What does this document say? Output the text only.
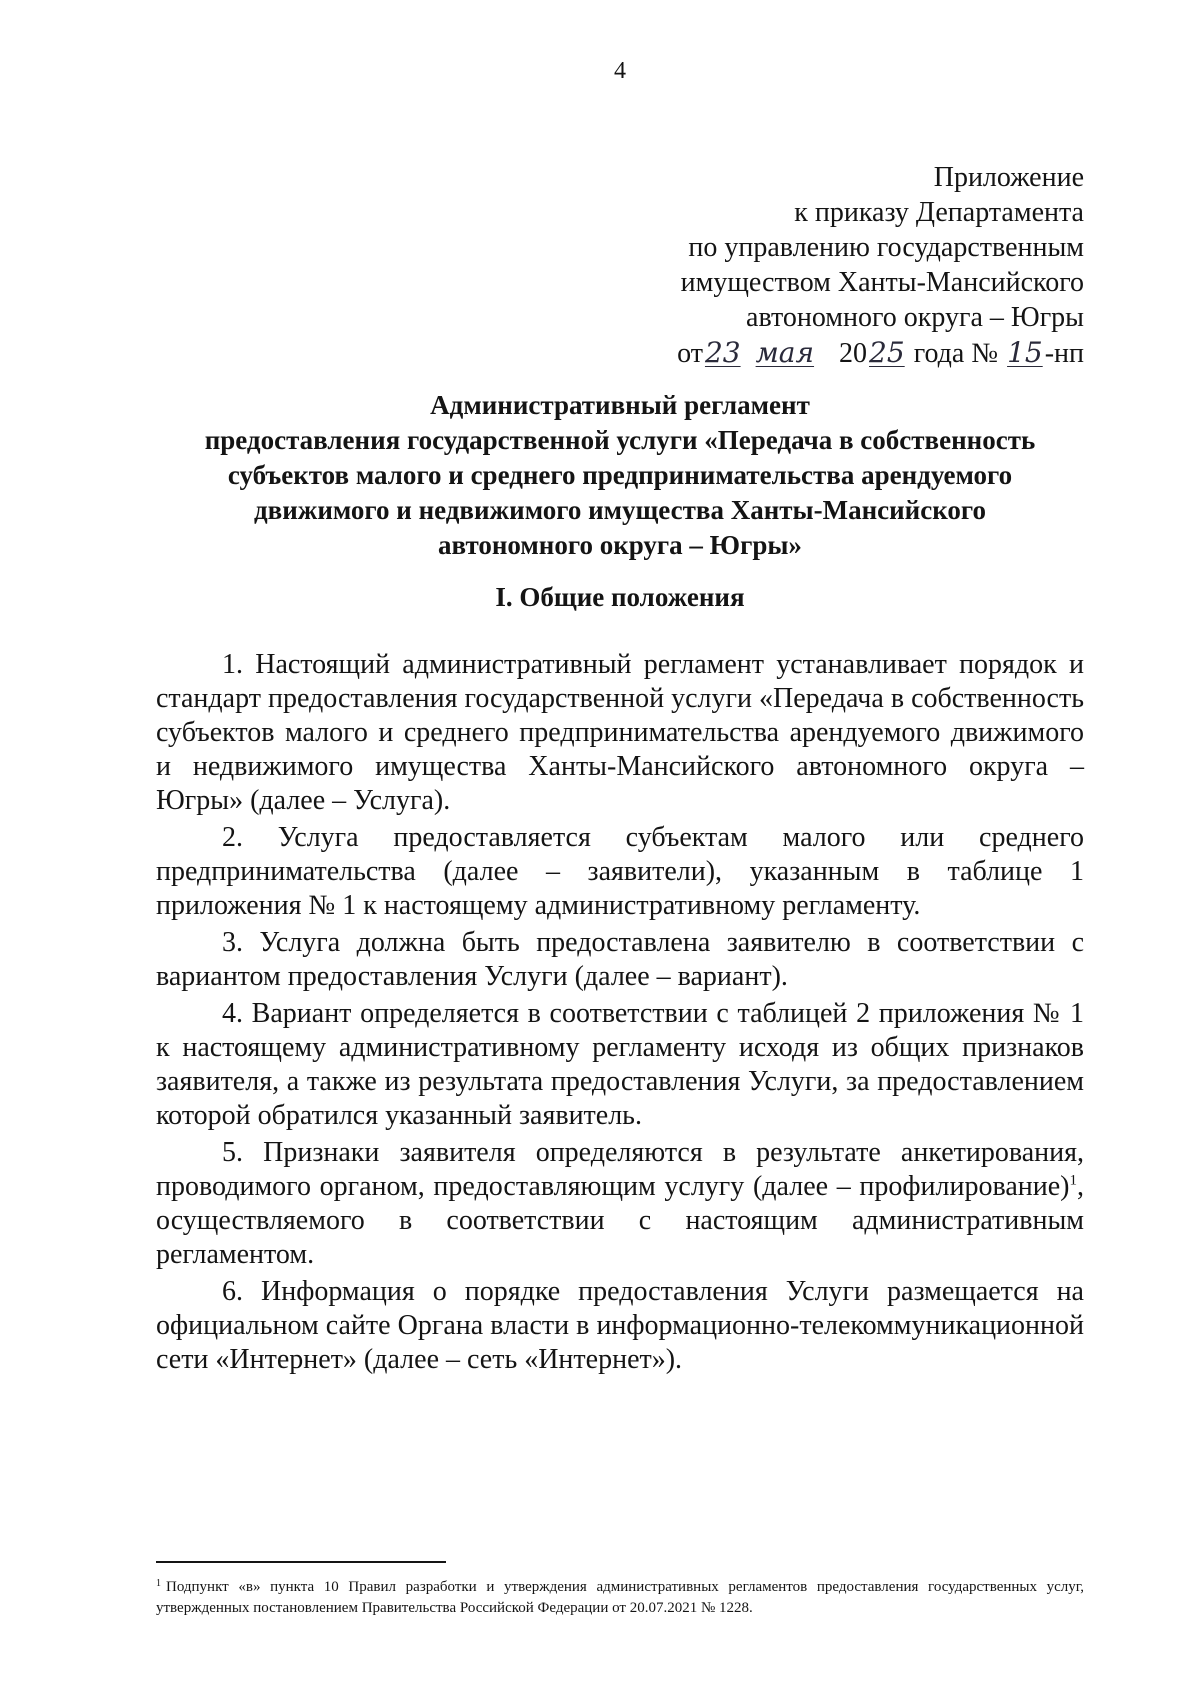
4
Приложение
к приказу Департамента
по управлению государственным
имуществом Ханты-Мансийского
автономного округа – Югры
от23 мая 2025 года № 15-нп
Административный регламент
предоставления государственной услуги «Передача в собственность
субъектов малого и среднего предпринимательства арендуемого
движимого и недвижимого имущества Ханты-Мансийского
автономного округа – Югры»
I. Общие положения

1. Настоящий административный регламент устанавливает порядок и стандарт предоставления государственной услуги «Передача в собственность субъектов малого и среднего предпринимательства арендуемого движимого и недвижимого имущества Ханты-Мансийского автономного округа – Югры» (далее – Услуга).

2. Услуга предоставляется субъектам малого или среднего предпринимательства (далее – заявители), указанным в таблице 1 приложения № 1 к настоящему административному регламенту.

3. Услуга должна быть предоставлена заявителю в соответствии с вариантом предоставления Услуги (далее – вариант).

4. Вариант определяется в соответствии с таблицей 2 приложения № 1 к настоящему административному регламенту исходя из общих признаков заявителя, а также из результата предоставления Услуги, за предоставлением которой обратился указанный заявитель.

5. Признаки заявителя определяются в результате анкетирования, проводимого органом, предоставляющим услугу (далее – профилирование)$^1$, осуществляемого в соответствии с настоящим административным регламентом.

6. Информация о порядке предоставления Услуги размещается на официальном сайте Органа власти в информационно-телекоммуникационной сети «Интернет» (далее – сеть «Интернет»).

$^1$ Подпункт «в» пункта 10 Правил разработки и утверждения административных регламентов предоставления государственных услуг, утвержденных постановлением Правительства Российской Федерации от 20.07.2021 № 1228.
